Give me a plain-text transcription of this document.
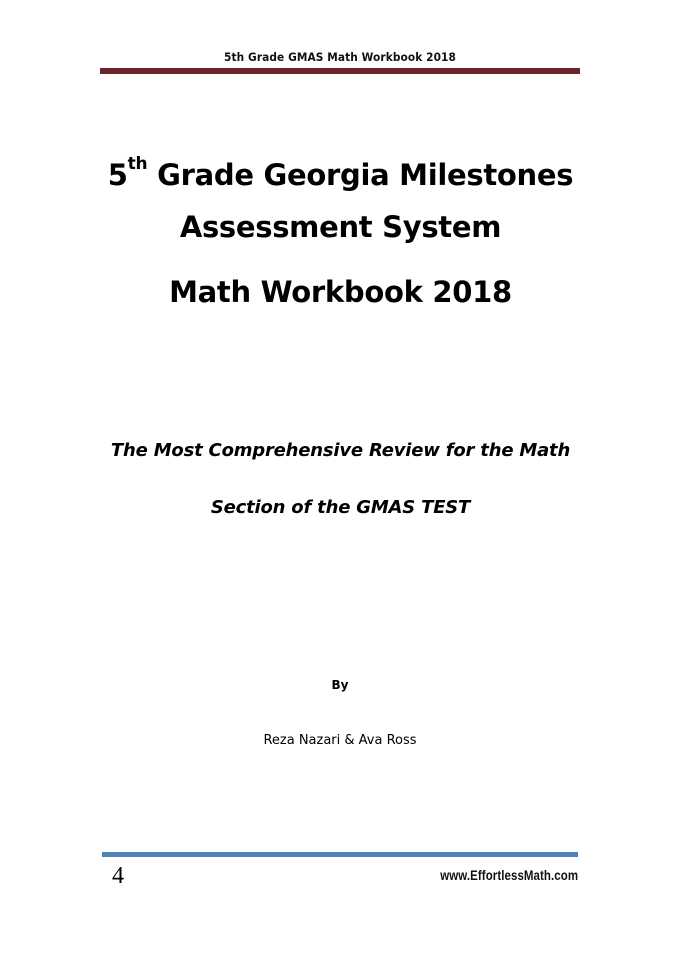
5th Grade GMAS Math Workbook 2018
5th Grade Georgia Milestones
Assessment System
Math Workbook 2018
The Most Comprehensive Review for the Math
Section of the GMAS TEST
By
Reza Nazari & Ava Ross
4	www.EffortlessMath.com
